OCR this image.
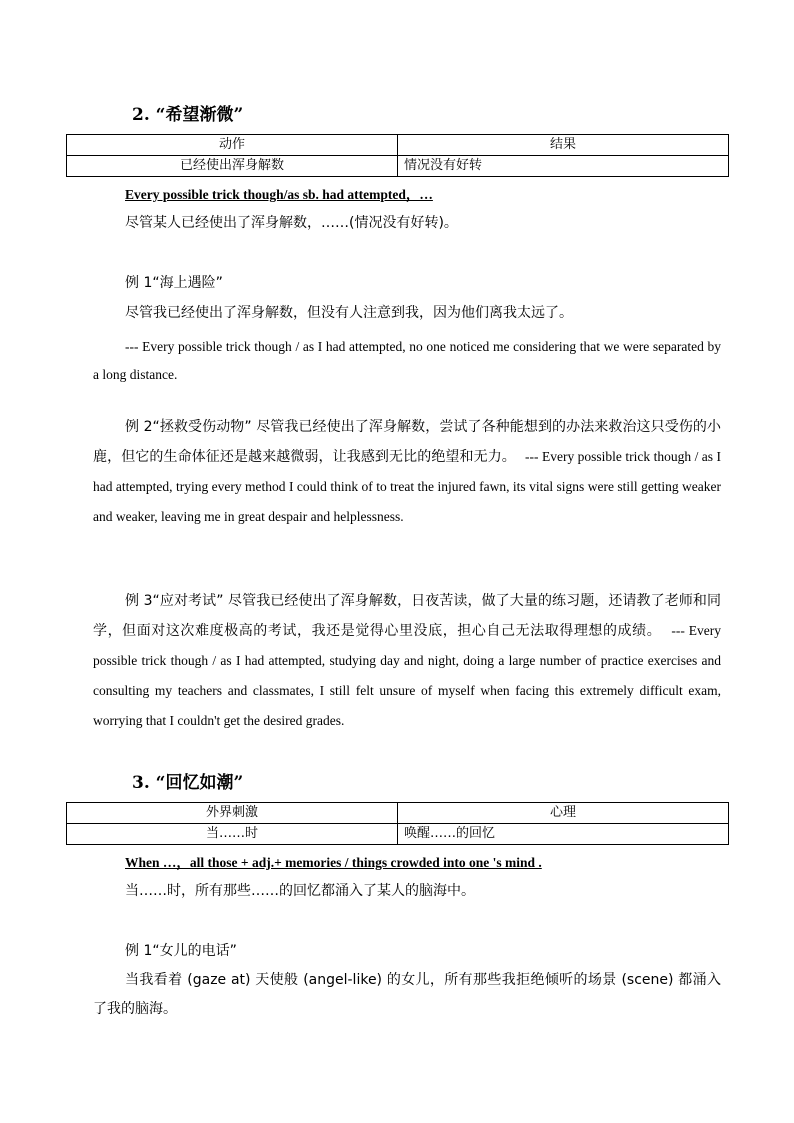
2. “希望渐微”
动作	结果
已经使出浑身解数	情况没有好转
Every possible trick though/as sb. had attempted，…
尽管某人已经使出了浑身解数，……(情况没有好转)。
例 1“海上遇险”
尽管我已经使出了浑身解数，但没有人注意到我，因为他们离我太远了。
--- Every possible trick though / as I had attempted, no one noticed me considering that we were separated by a long distance.
例 2“拯救受伤动物” 尽管我已经使出了浑身解数，尝试了各种能想到的办法来救治这只受伤的小鹿，但它的生命体征还是越来越微弱，让我感到无比的绝望和无力。 --- Every possible trick though / as I had attempted, trying every method I could think of to treat the injured fawn, its vital signs were still getting weaker and weaker, leaving me in great despair and helplessness.
例 3“应对考试” 尽管我已经使出了浑身解数，日夜苦读，做了大量的练习题，还请教了老师和同学，但面对这次难度极高的考试，我还是觉得心里没底，担心自己无法取得理想的成绩。 --- Every possible trick though / as I had attempted, studying day and night, doing a large number of practice exercises and consulting my teachers and classmates, I still felt unsure of myself when facing this extremely difficult exam, worrying that I couldn't get the desired grades.
3. “回忆如潮”
外界刺激	心理
当……时	唤醒……的回忆
When …，all those + adj.+ memories / things crowded into one 's mind .
当……时，所有那些……的回忆都涌入了某人的脑海中。
例 1“女儿的电话”
当我看着 (gaze at) 天使般 (angel-like) 的女儿，所有那些我拒绝倾听的场景 (scene) 都涌入了我的脑海。
